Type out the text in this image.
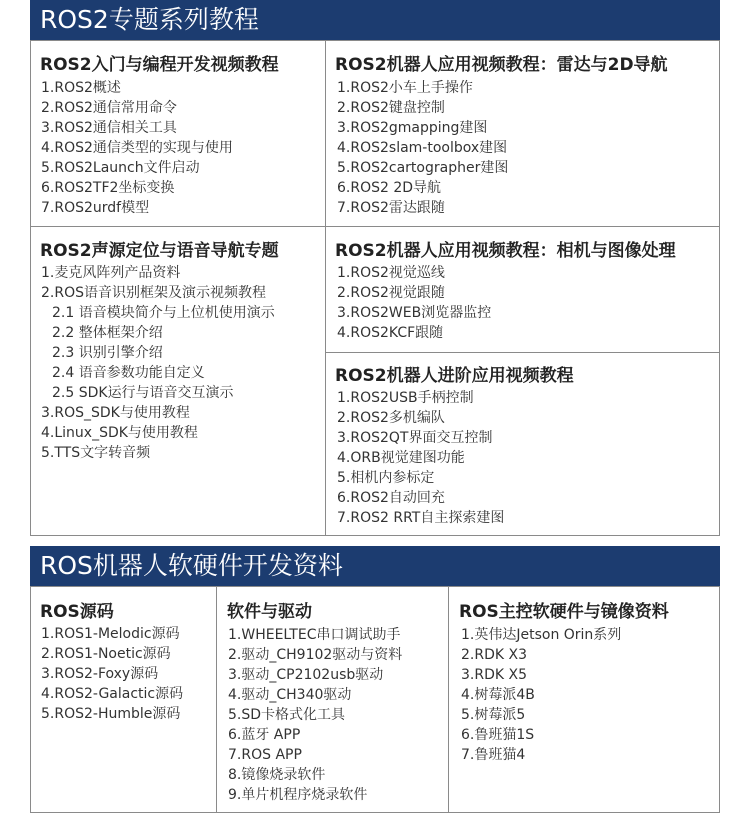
ROS2专题系列教程
ROS2入门与编程开发视频教程
1.ROS2概述
2.ROS2通信常用命令
3.ROS2通信相关工具
4.ROS2通信类型的实现与使用
5.ROS2Launch文件启动
6.ROS2TF2坐标变换
7.ROS2urdf模型
ROS2机器人应用视频教程：雷达与2D导航
1.ROS2小车上手操作
2.ROS2键盘控制
3.ROS2gmapping建图
4.ROS2slam-toolbox建图
5.ROS2cartographer建图
6.ROS2 2D导航
7.ROS2雷达跟随
ROS2声源定位与语音导航专题
1.麦克风阵列产品资料
2.ROS语音识别框架及演示视频教程
2.1 语音模块简介与上位机使用演示
2.2 整体框架介绍
2.3 识别引擎介绍
2.4 语音参数功能自定义
2.5 SDK运行与语音交互演示
3.ROS_SDK与使用教程
4.Linux_SDK与使用教程
5.TTS文字转音频
ROS2机器人应用视频教程：相机与图像处理
1.ROS2视觉巡线
2.ROS2视觉跟随
3.ROS2WEB浏览器监控
4.ROS2KCF跟随
ROS2机器人进阶应用视频教程
1.ROS2USB手柄控制
2.ROS2多机编队
3.ROS2QT界面交互控制
4.ORB视觉建图功能
5.相机内参标定
6.ROS2自动回充
7.ROS2 RRT自主探索建图
ROS机器人软硬件开发资料
ROS源码
1.ROS1-Melodic源码
2.ROS1-Noetic源码
3.ROS2-Foxy源码
4.ROS2-Galactic源码
5.ROS2-Humble源码
软件与驱动
1.WHEELTEC串口调试助手
2.驱动_CH9102驱动与资料
3.驱动_CP2102usb驱动
4.驱动_CH340驱动
5.SD卡格式化工具
6.蓝牙 APP
7.ROS APP
8.镜像烧录软件
9.单片机程序烧录软件
ROS主控软硬件与镜像资料
1.英伟达Jetson Orin系列
2.RDK X3
3.RDK X5
4.树莓派4B
5.树莓派5
6.鲁班猫1S
7.鲁班猫4
